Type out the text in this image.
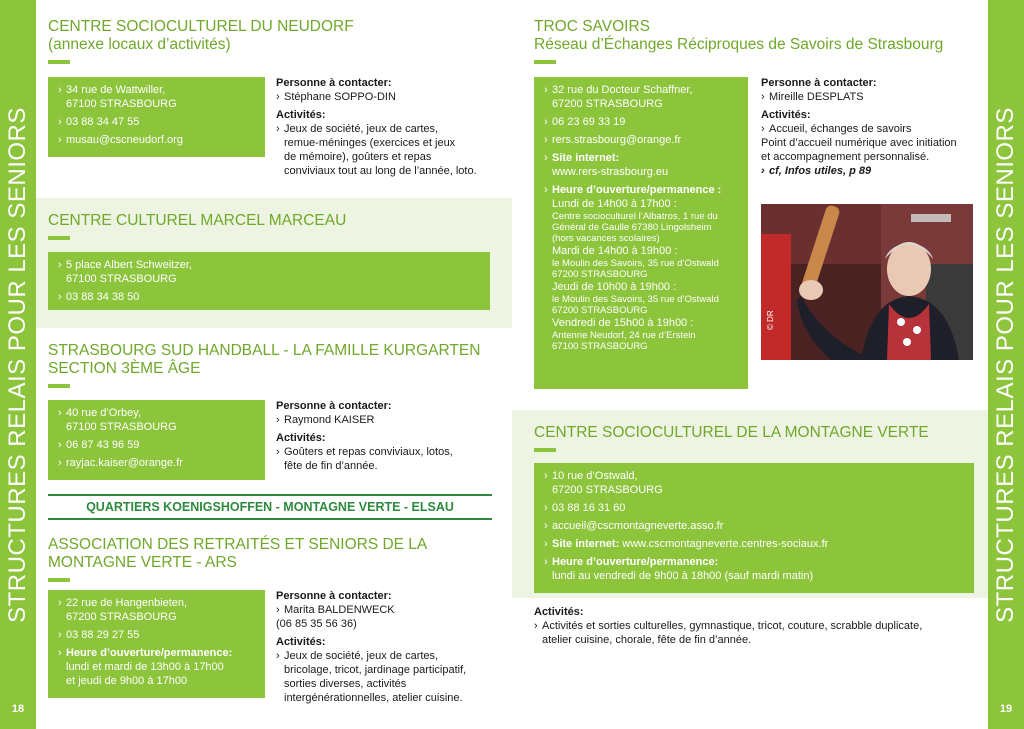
STRUCTURES RELAIS POUR LES SENIORS
18
STRUCTURES RELAIS POUR LES SENIORS
19
CENTRE SOCIOCULTUREL DU NEUDORF
(annexe locaux d’activités)
› 34 rue de Wattwiller,
67100 STRASBOURG
› 03 88 34 47 55
› musau@cscneudorf.org
Personne à contacter:
› Stéphane SOPPO-DIN
Activités:
› Jeux de société, jeux de cartes,
remue-méninges (exercices et jeux
de mémoire), goûters et repas
conviviaux tout au long de l’année, loto.
CENTRE CULTUREL MARCEL MARCEAU
› 5 place Albert Schweitzer,
67100 STRASBOURG
› 03 88 34 38 50
STRASBOURG SUD HANDBALL - LA FAMILLE KURGARTEN
SECTION 3ÈME ÂGE
› 40 rue d’Orbey,
67100 STRASBOURG
› 06 87 43 96 59
› rayjac.kaiser@orange.fr
Personne à contacter:
› Raymond KAISER
Activités:
› Goûters et repas conviviaux, lotos,
fête de fin d’année.
QUARTIERS KOENIGSHOFFEN - MONTAGNE VERTE - ELSAU
ASSOCIATION DES RETRAITÉS ET SENIORS DE LA
MONTAGNE VERTE - ARS
› 22 rue de Hangenbieten,
67200 STRASBOURG
› 03 88 29 27 55
› Heure d’ouverture/permanence:
lundi et mardi de 13h00 à 17h00
et jeudi de 9h00 à 17h00
Personne à contacter:
› Marita BALDENWECK
(06 85 35 56 36)
Activités:
› Jeux de société, jeux de cartes,
bricolage, tricot, jardinage participatif,
sorties diverses, activités
intergénérationnelles, atelier cuisine.
TROC SAVOIRS
Réseau d’Échanges Réciproques de Savoirs de Strasbourg
› 32 rue du Docteur Schaffner,
67200 STRASBOURG
› 06 23 69 33 19
› rers.strasbourg@orange.fr
› Site internet:
www.rers-strasbourg.eu
› Heure d’ouverture/permanence :
Lundi de 14h00 à 17h00 :
Centre socioculturel l’Albatros, 1 rue du
Général de Gaulle 67380 Lingolsheim
(hors vacances scolaires)
Mardi de 14h00 à 19h00 :
le Moulin des Savoirs, 35 rue d’Ostwald
67200 STRASBOURG
Jeudi de 10h00 à 19h00 :
le Moulin des Savoirs, 35 rue d’Ostwald
67200 STRASBOURG
Vendredi de 15h00 à 19h00 :
Antenne Neudorf, 24 rue d’Erstein
67100 STRASBOURG
Personne à contacter:
› Mireille DESPLATS
Activités:
› Accueil, échanges de savoirs
Point d’accueil numérique avec initiation
et accompagnement personnalisé.
› cf, Infos utiles, p 89
© DR
CENTRE SOCIOCULTUREL DE LA MONTAGNE VERTE
› 10 rue d’Ostwald,
67200 STRASBOURG
› 03 88 16 31 60
› accueil@cscmontagneverte.asso.fr
› Site internet: www.cscmontagneverte.centres-sociaux.fr
› Heure d’ouverture/permanence:
lundi au vendredi de 9h00 à 18h00 (sauf mardi matin)
Activités:
› Activités et sorties culturelles, gymnastique, tricot, couture, scrabble duplicate,
atelier cuisine, chorale, fête de fin d’année.
